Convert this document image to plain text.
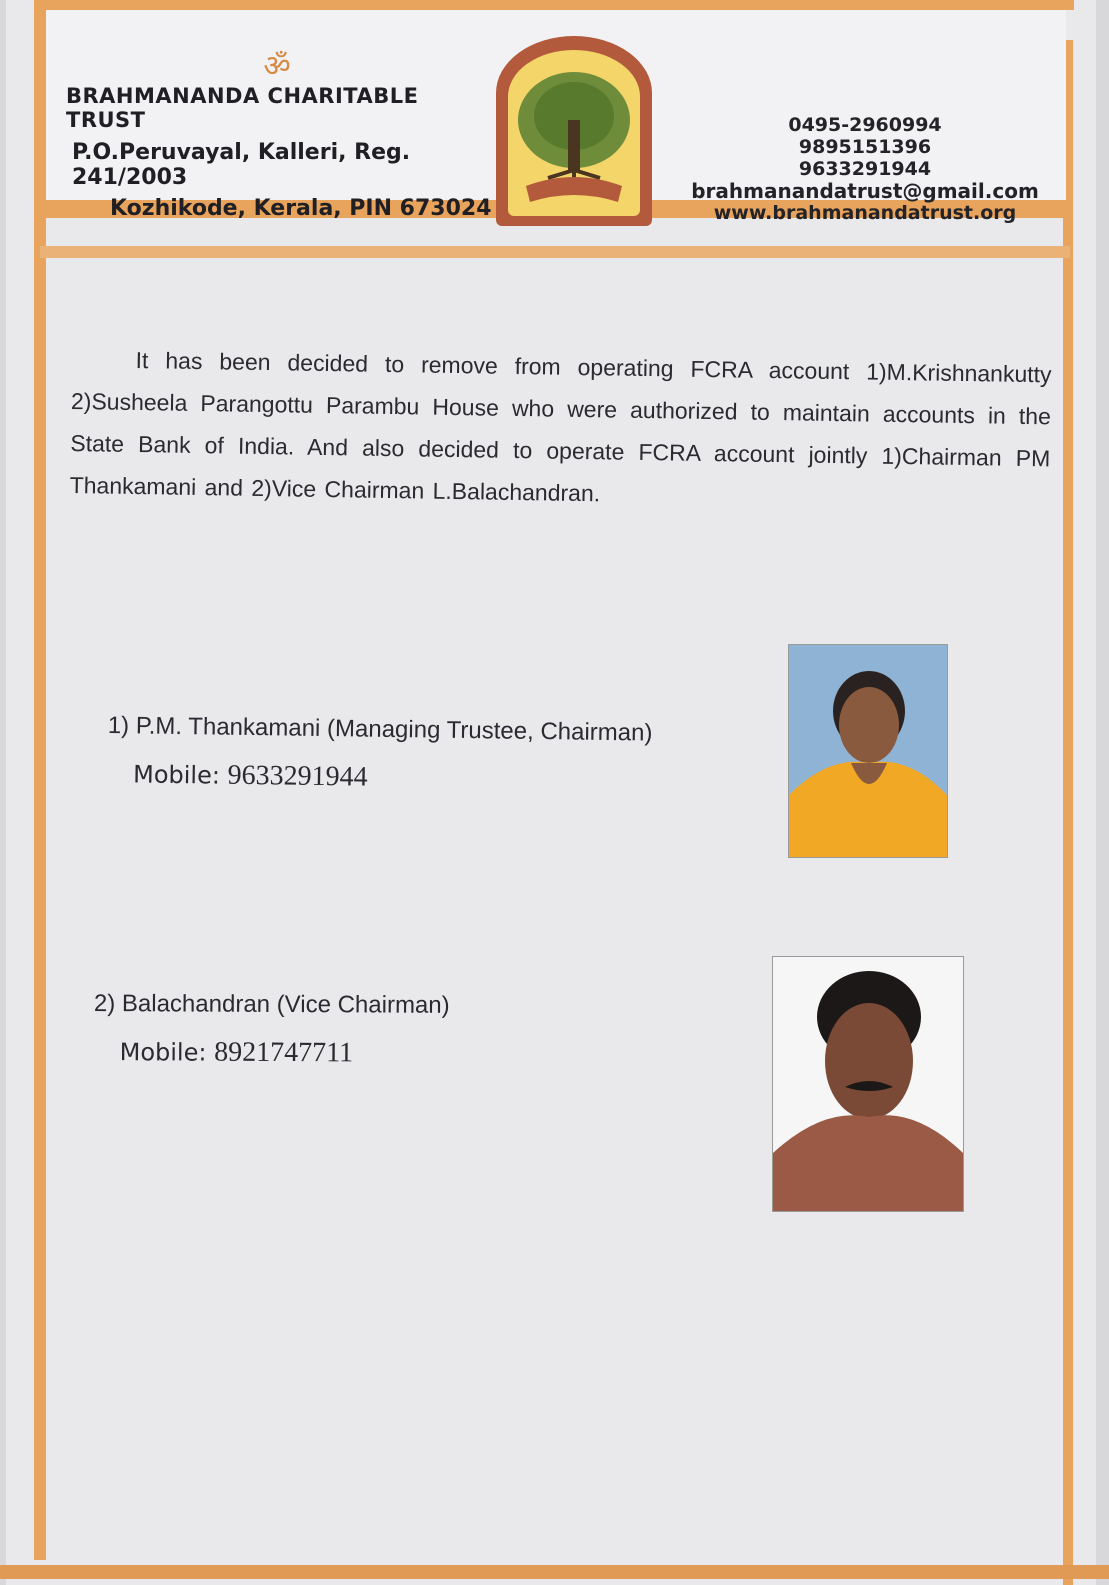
ॐ
BRAHMANANDA CHARITABLE TRUST
P.O.Peruvayal, Kalleri, Reg. 241/2003
Kozhikode, Kerala, PIN 673024
0495-2960994
9895151396
9633291944
brahmanandatrust@gmail.com
www.brahmanandatrust.org

It has been decided to remove from operating FCRA account 1)M.Krishnankutty 2)Susheela Parangottu Parambu House who were authorized to maintain accounts in the State Bank of India. And also decided to operate FCRA account jointly 1)Chairman PM Thankamani and 2)Vice Chairman L.Balachandran.

1) P.M. Thankamani (Managing Trustee, Chairman)
Mobile: 9633291944
2) Balachandran (Vice Chairman)
Mobile: 8921747711
